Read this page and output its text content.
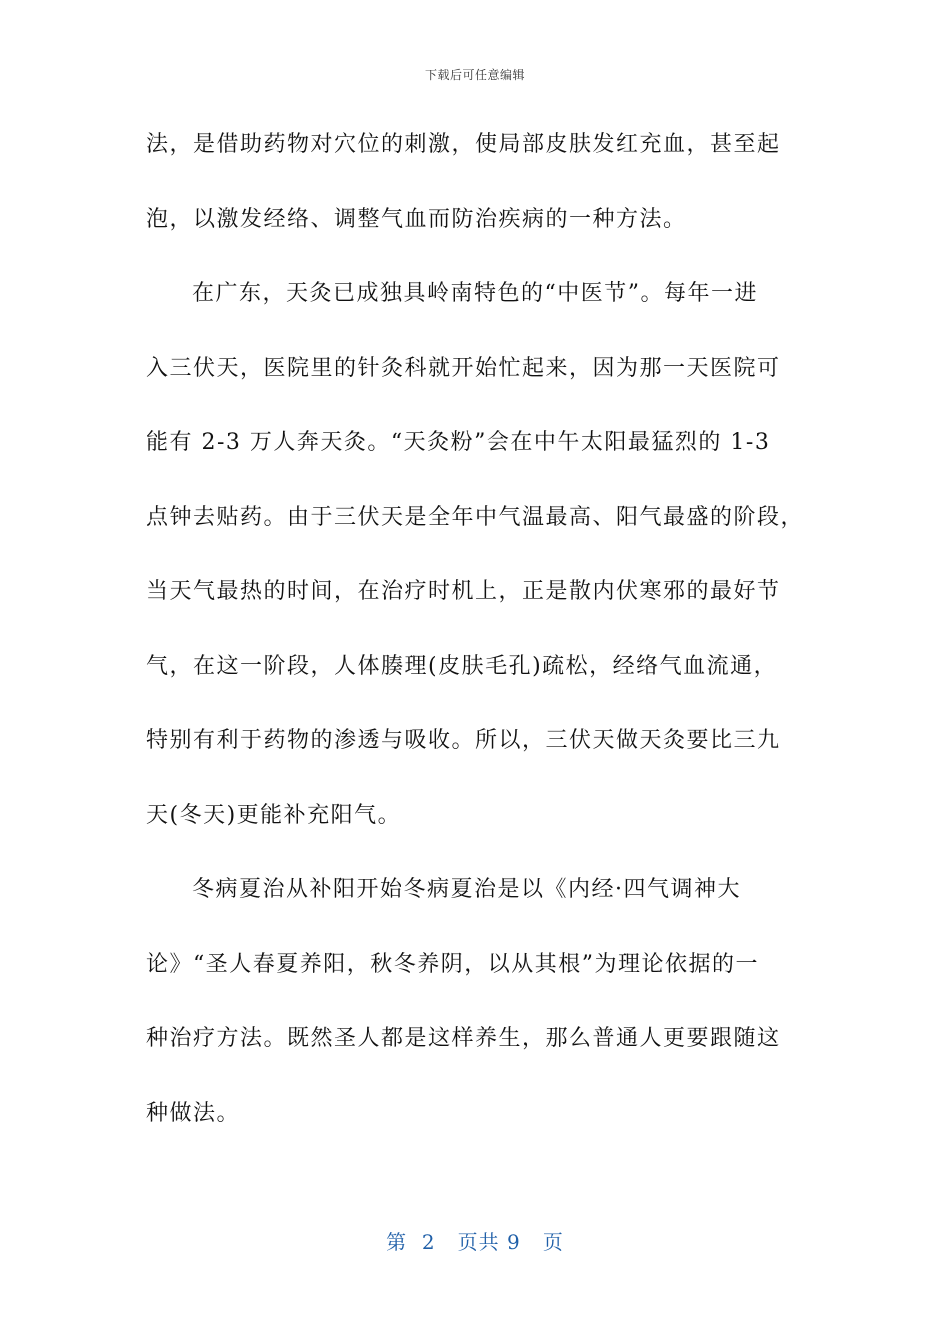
下载后可任意编辑
法，是借助药物对穴位的刺激，使局部皮肤发红充血，甚至起
泡，以激发经络、调整气血而防治疾病的一种方法。
在广东，天灸已成独具岭南特色的“中医节”。每年一进
入三伏天，医院里的针灸科就开始忙起来，因为那一天医院可
能有 2-3 万人奔天灸。“天灸粉”会在中午太阳最猛烈的 1-3
点钟去贴药。由于三伏天是全年中气温最高、阳气最盛的阶段，
当天气最热的时间，在治疗时机上，正是散内伏寒邪的最好节
气，在这一阶段，人体腠理(皮肤毛孔)疏松，经络气血流通，
特别有利于药物的渗透与吸收。所以，三伏天做天灸要比三九
天(冬天)更能补充阳气。
冬病夏治从补阳开始冬病夏治是以《内经·四气调神大
论》“圣人春夏养阳，秋冬养阴，以从其根”为理论依据的一
种治疗方法。既然圣人都是这样养生，那么普通人更要跟随这
种做法。
第  2   页共 9   页
